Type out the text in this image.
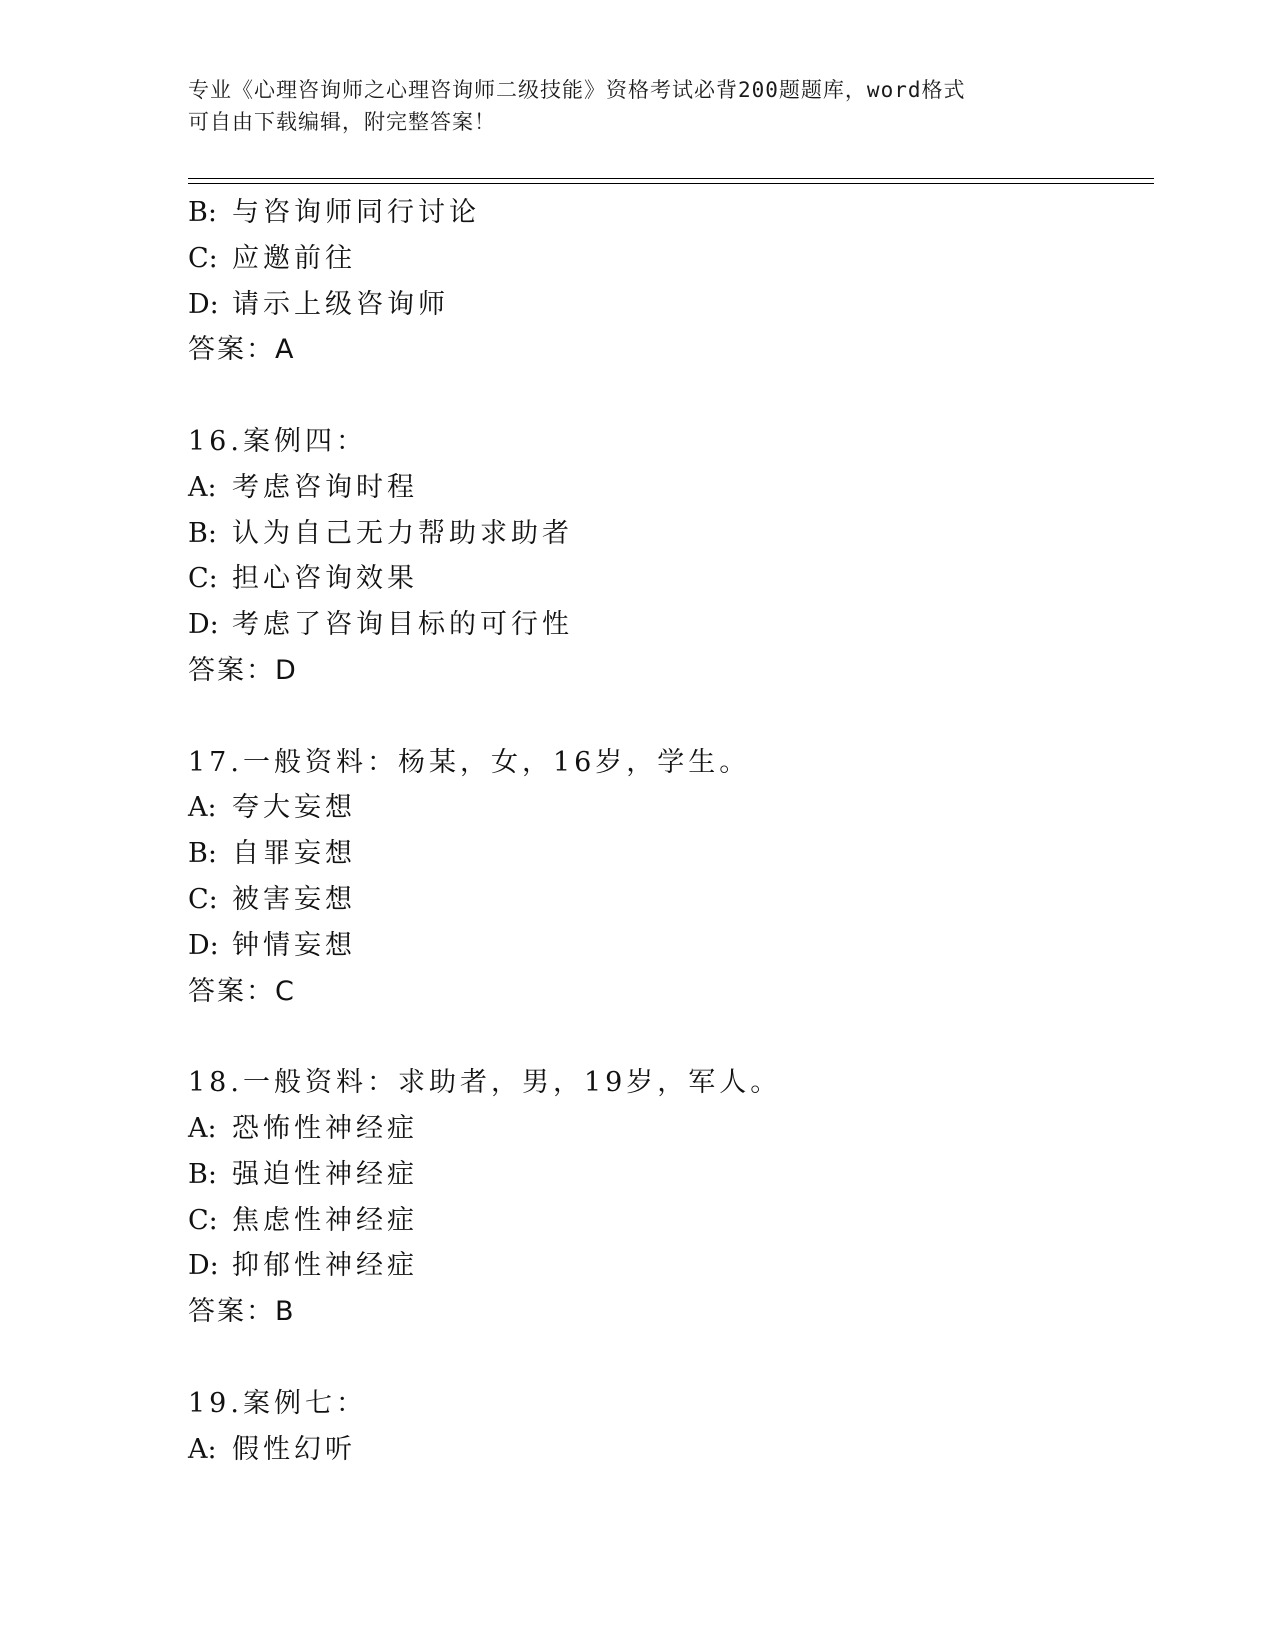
专业《心理咨询师之心理咨询师二级技能》资格考试必背200题题库，word格式
可自由下载编辑，附完整答案！
B: 与咨询师同行讨论
C: 应邀前往
D: 请示上级咨询师
答案：A
16.案例四：
A: 考虑咨询时程
B: 认为自己无力帮助求助者
C: 担心咨询效果
D: 考虑了咨询目标的可行性
答案：D
17.一般资料：杨某，女，16岁，学生。
A: 夸大妄想
B: 自罪妄想
C: 被害妄想
D: 钟情妄想
答案：C
18.一般资料：求助者，男，19岁，军人。
A: 恐怖性神经症
B: 强迫性神经症
C: 焦虑性神经症
D: 抑郁性神经症
答案：B
19.案例七：
A: 假性幻听
